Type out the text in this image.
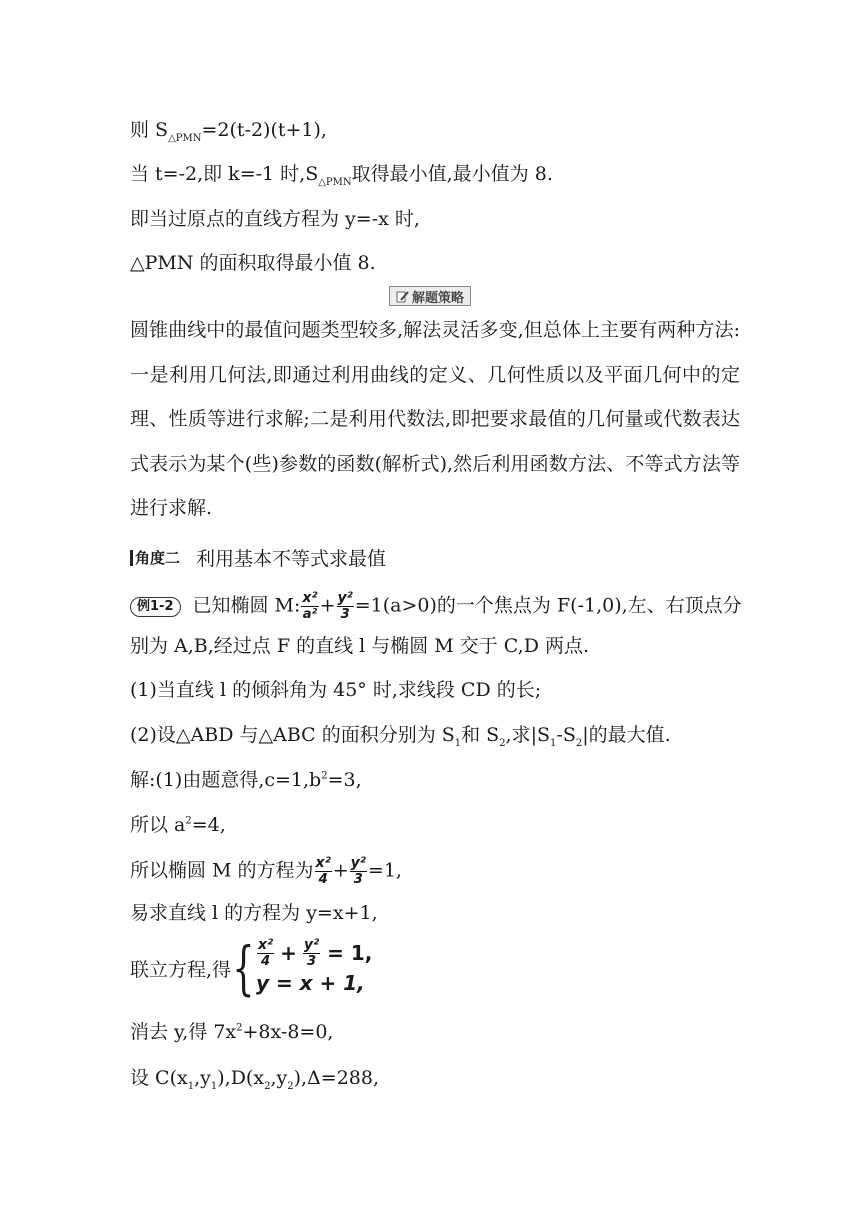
则 $S_{\triangle PMN}=2(t-2)(t+1)$,
当 t=-2,即 k=-1 时$,S_{\triangle PMN}$取得最小值,最小值为 8.
即当过原点的直线方程为 y=-x 时,
△PMN 的面积取得最小值 8.
解题策略
圆锥曲线中的最值问题类型较多,解法灵活多变,但总体上主要有两种方法:一是利用几何法,即通过利用曲线的定义、几何性质以及平面几何中的定理、性质等进行求解;二是利用代数法,即把要求最值的几何量或代数表达式表示为某个(些)参数的函数(解析式),然后利用函数方法、不等式方法等进行求解.
角度二 利用基本不等式求最值
例1-2 已知椭圆 M: $\frac{\text{x²}}{\text{a²}} + \frac{\text{y²}}{3} =1(a>0)$的一个焦点为 F(-1,0),左、右顶点分
别为 A,B,经过点 F 的直线 l 与椭圆 M 交于 C,D 两点.
(1)当直线 l 的倾斜角为 45° 时,求线段 CD 的长;
(2)设△ABD 与△ABC 的面积分别为 $S_1$和 $S_2$,求$|S_1-S_2|$的最大值.
解:(1)由题意得$,c=1,b^2=3$,
所以 $a^2=4$,
所以椭圆 M 的方程为 $\frac{\text{x²}}{4} + \frac{\text{y²}}{3} =1$,
易求直线 l 的方程为 y=x+1,
联立方程,得 { $\frac{\text{x²}}{4} + \frac{\text{y²}}{3} = 1$,
y = x + 1,
消去 y,得 $7x^2+8x-8=0$,
设 $C(x_1,y_1),D(x_2,y_2),\Delta=288$,
